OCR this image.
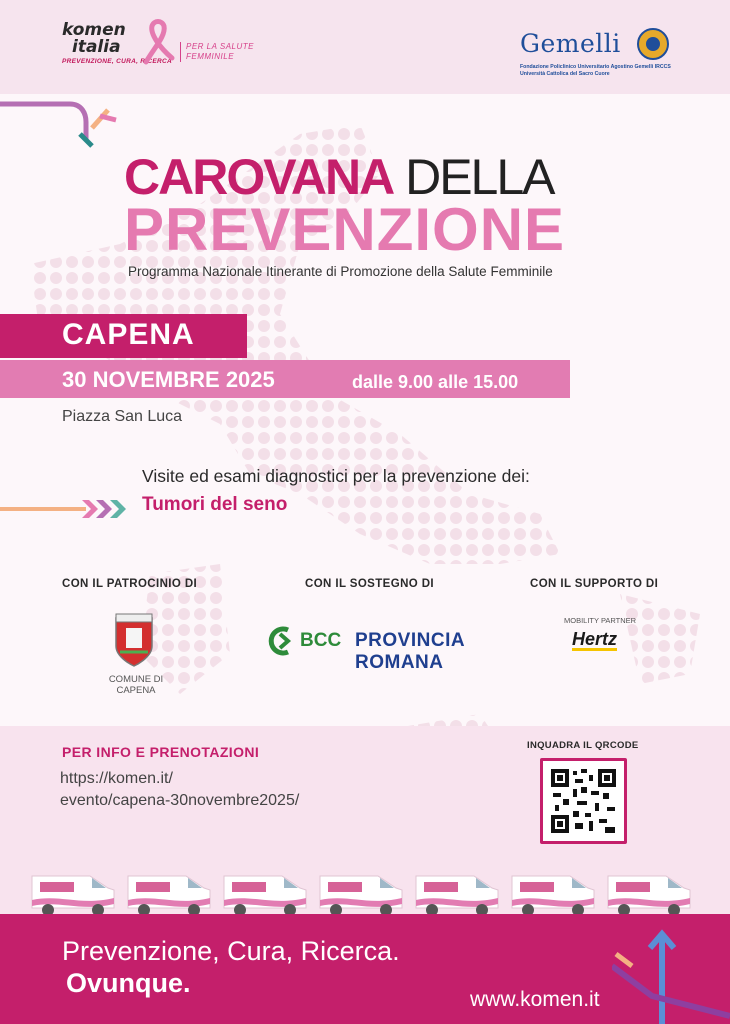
komen
italia
PREVENZIONE, CURA, RICERCA
PER LA SALUTE
FEMMINILE	Gemelli
Fondazione Policlinico Universitario Agostino Gemelli IRCCS
Università Cattolica del Sacro Cuore
CAROVANA DELLA
PREVENZIONE
Programma Nazionale Itinerante di Promozione della Salute Femminile
CAPENA
30 NOVEMBRE 2025	dalle 9.00 alle 15.00
Piazza San Luca
Visite ed esami diagnostici per la prevenzione dei:
Tumori del seno
CON IL PATROCINIO DI	CON IL SOSTEGNO DI	CON IL SUPPORTO DI
COMUNE DI
CAPENA
BCC PROVINCIA
ROMANA
MOBILITY PARTNER
Hertz
PER INFO E PRENOTAZIONI
https://komen.it/
evento/capena-30novembre2025/
INQUADRA IL QRCODE
Prevenzione, Cura, Ricerca.
Ovunque.
www.komen.it
